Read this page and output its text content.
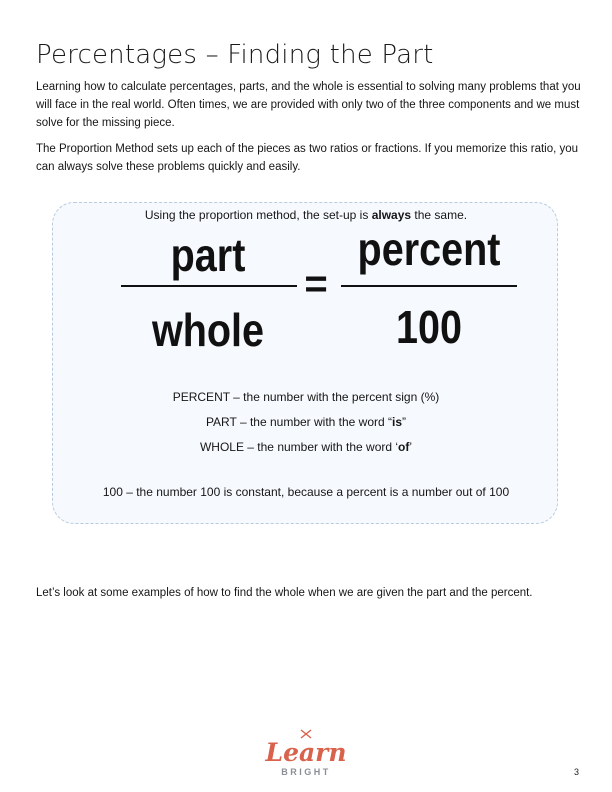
Percentages – Finding the Part
Learning how to calculate percentages, parts, and the whole is essential to solving many problems that you will face in the real world. Often times, we are provided with only two of the three components and we must solve for the missing piece.
The Proportion Method sets up each of the pieces as two ratios or fractions. If you memorize this ratio, you can always solve these problems quickly and easily.
Using the proportion method, the set-up is always the same.
part
whole
=
percent
100
PERCENT – the number with the percent sign (%)
PART – the number with the word “is”
WHOLE – the number with the word ‘of’
100 – the number 100 is constant, because a percent is a number out of 100
Let’s look at some examples of how to find the whole when we are given the part and the percent.
Learn
BRIGHT	3
